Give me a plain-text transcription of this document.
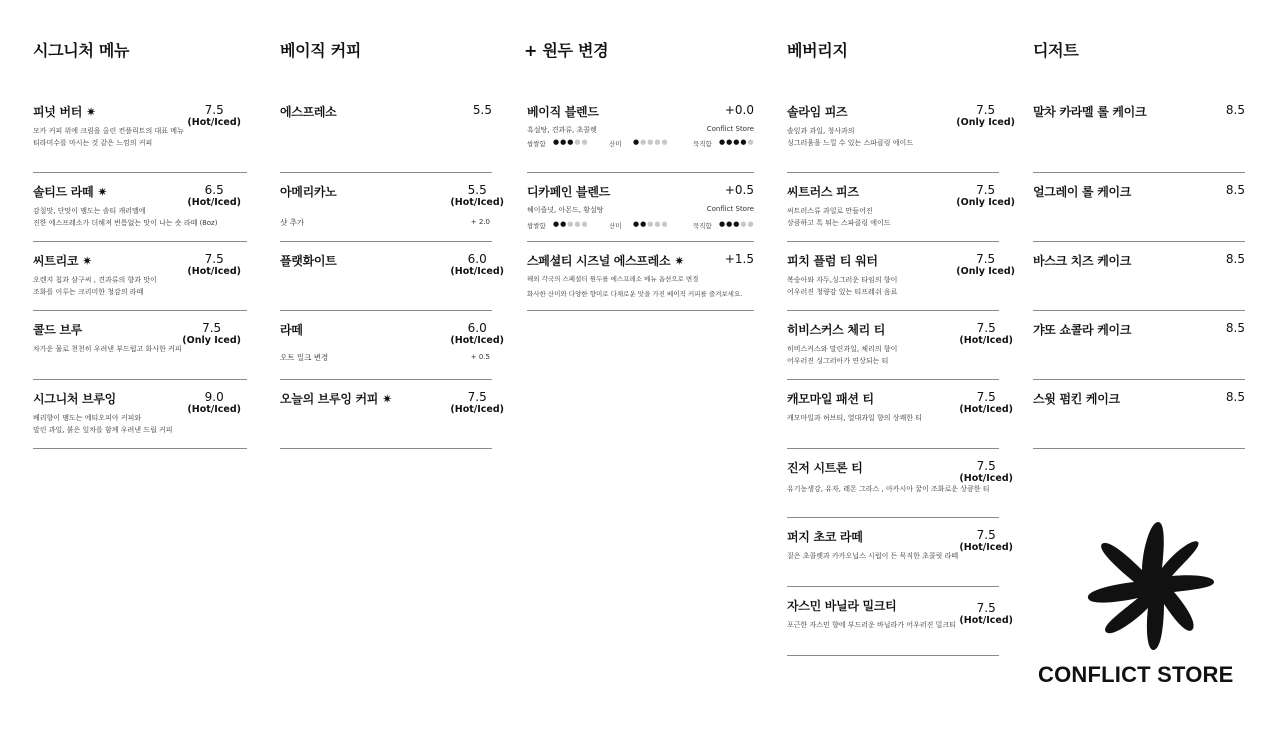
시그니처 메뉴
피넛 버터 ✷	7.5
(Hot/Iced)
모카 커피 위에 크림을 올린 컨플릭트의 대표 메뉴
티라미수를 마시는 것 같은 느낌의 커피
솔티드 라떼 ✷	6.5
(Hot/Iced)
감칠맛, 단맛이 맴도는 솔티 캐러멜에
진한 에스프레소가 더해져 번틈없는 맛이 나는 숏 라떼 (8oz)
씨트리코 ✷	7.5
(Hot/Iced)
오렌지 칩과 삼구씨 , 견과류의 향과 맛이
조화를 이루는 크리미한 청감의 라떼
콜드 브루	7.5
(Only Iced)
차가운 물로 천천히 우려낸 부드럽고 화사한 커피
시그니처 브루잉	9.0
(Hot/Iced)
베리향이 맴도는 에티오피아 커피와
말린 과일, 붉은 잎차를 함께 우려낸 드립 커피
베이직 커피
에스프레소	5.5
아메리카노	5.5
(Hot/Iced)
샷 추가	+ 2.0
플랫화이트	6.0
(Hot/Iced)
라떼	6.0
(Hot/Iced)
오트 밀크 변경	+ 0.5
오늘의 브루잉 커피 ✷	7.5
(Hot/Iced)
+ 원두 변경
베이직 블렌드	+0.0
흑설탕, 견과류, 초콜렛	Conflict Store
쌉쌀함 ●●●●●	산미 ●●●●●	묵직함 ●●●●●
디카페인 블렌드	+0.5
헤이즐넛, 아몬드, 황설탕	Conflict Store
쌉쌀함 ●●●●●	산미 ●●●●●	묵직함 ●●●●●
스페셜티 시즈널 에스프레소 ✷	+1.5
해외 각국의 스페셜티 원두를 에스프레소 메뉴 옵션으로 변경
화사한 산미와 다양한 향미로 다채로운 맛을 가진 베이직 커피를 즐겨보세요.
베버리지
솔라임 피즈	7.5
(Only Iced)
솔잎과 과일, 청사과의
싱그러움을 느낄 수 있는 스파클링 에이드
씨트러스 피즈	7.5
(Only Iced)
씨트러스류 과일로 만들어진
상큼하고 톡 튀는 스파클링 에이드
피치 플럼 티 워터	7.5
(Only Iced)
복숭아와 자두,싱그러운 타임의 향이
어우러진 청량감 있는 티프레쉬 음료
히비스커스 체리 티	7.5
(Hot/Iced)
히비스커스와 말린과일, 체리의 향이
어우러진 싱그러아가 연상되는 티
캐모마일 패션 티	7.5
(Hot/Iced)
캐모마일과 허브티, 열대과일 향의 상쾌한 티
진저 시트론 티	7.5
(Hot/Iced)
유기농생강, 유자, 레몬 그라스 , 아카시아 꿀이 조화로운 상큼한 티
퍼지 초코 라떼	7.5
(Hot/Iced)
짙은 초콜렛과 카카오닙스 시럽이 든 묵직한 초콜릿 라떼
자스민 바닐라 밀크티	7.5
(Hot/Iced)
포근한 자스민 향에 부드러운 바닐라가 어우러진 밀크티
디저트
말차 카라멜 롤 케이크	8.5
얼그레이 롤 케이크	8.5
바스크 치즈 케이크	8.5
갸또 쇼콜라 케이크	8.5
스윗 펌킨 케이크	8.5
CONFLICT STORE
